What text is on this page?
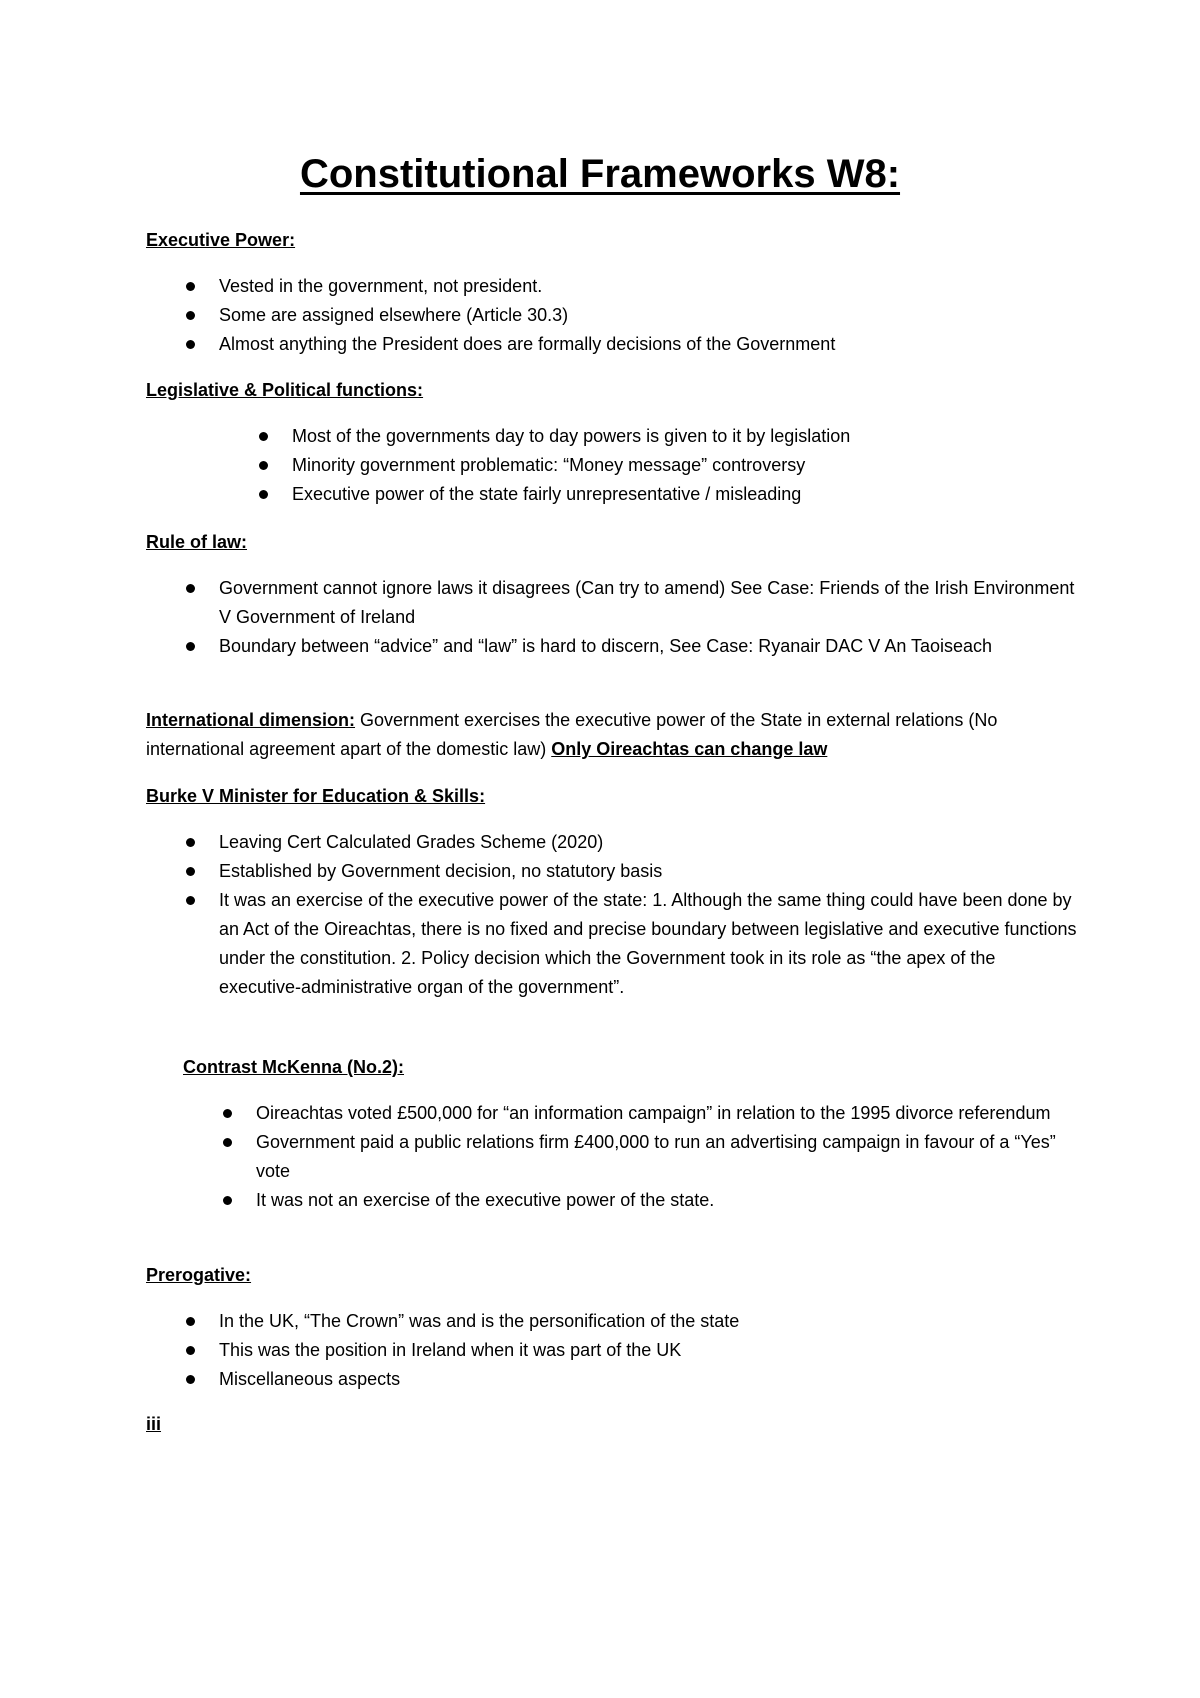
Constitutional Frameworks W8:
Executive Power:
Vested in the government, not president.
Some are assigned elsewhere (Article 30.3)
Almost anything the President does are formally decisions of the Government
Legislative & Political functions:
Most of the governments day to day powers is given to it by legislation
Minority government problematic: “Money message” controversy
Executive power of the state fairly unrepresentative / misleading
Rule of law:
Government cannot ignore laws it disagrees (Can try to amend) See Case: Friends of the Irish Environment V Government of Ireland
Boundary between “advice” and “law” is hard to discern, See Case: Ryanair DAC V An Taoiseach
International dimension: Government exercises the executive power of the State in external relations (No international agreement apart of the domestic law) Only Oireachtas can change law
Burke V Minister for Education & Skills:
Leaving Cert Calculated Grades Scheme (2020)
Established by Government decision, no statutory basis
It was an exercise of the executive power of the state: 1. Although the same thing could have been done by an Act of the Oireachtas, there is no fixed and precise boundary between legislative and executive functions under the constitution. 2. Policy decision which the Government took in its role as “the apex of the executive-administrative organ of the government”.
Contrast McKenna (No.2):
Oireachtas voted £500,000 for “an information campaign” in relation to the 1995 divorce referendum
Government paid a public relations firm £400,000 to run an advertising campaign in favour of a “Yes” vote
It was not an exercise of the executive power of the state.
Prerogative:
In the UK, “The Crown” was and is the personification of the state
This was the position in Ireland when it was part of the UK
Miscellaneous aspects
iii
